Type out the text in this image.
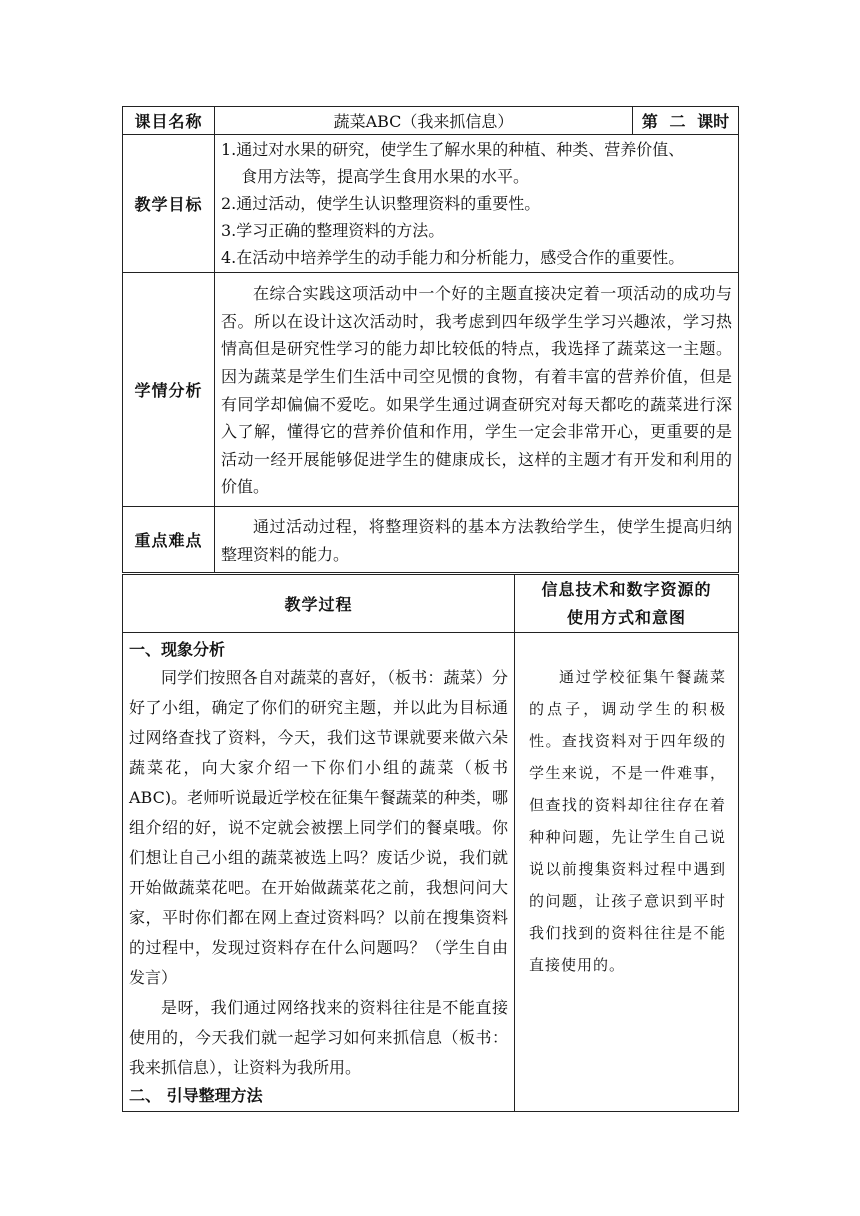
课目名称	蔬菜ABC（我来抓信息）	第 二 课时
教学目标	1.通过对水果的研究，使学生了解水果的种植、种类、营养价值、

食用方法等，提高学生食用水果的水平。

2.通过活动，使学生认识整理资料的重要性。

3.学习正确的整理资料的方法。

4.在活动中培养学生的动手能力和分析能力，感受合作的重要性。	

学情分析	在综合实践这项活动中一个好的主题直接决定着一项活动的成功与否。所以在设计这次活动时，我考虑到四年级学生学习兴趣浓，学习热情高但是研究性学习的能力却比较低的特点，我选择了蔬菜这一主题。因为蔬菜是学生们生活中司空见惯的食物，有着丰富的营养价值，但是有同学却偏偏不爱吃。如果学生通过调查研究对每天都吃的蔬菜进行深入了解，懂得它的营养价值和作用，学生一定会非常开心，更重要的是活动一经开展能够促进学生的健康成长，这样的主题才有开发和利用的价值。	

重点难点	通过活动过程，将整理资料的基本方法教给学生，使学生提高归纳整理资料的能力。	

教学过程	信息技术和数字资源的
使用方式和意图

一、现象分析

同学们按照各自对蔬菜的喜好，（板书：蔬菜）分好了小组，确定了你们的研究主题，并以此为目标通过网络查找了资料，今天，我们这节课就要来做六朵蔬菜花，向大家介绍一下你们小组的蔬菜（板书ABC)。老师听说最近学校在征集午餐蔬菜的种类，哪组介绍的好，说不定就会被摆上同学们的餐桌哦。你们想让自己小组的蔬菜被选上吗？废话少说，我们就开始做蔬菜花吧。在开始做蔬菜花之前，我想问问大家，平时你们都在网上查过资料吗？以前在搜集资料的过程中，发现过资料存在什么问题吗？（学生自由发言）

是呀，我们通过网络找来的资料往往是不能直接使用的，今天我们就一起学习如何来抓信息（板书：我来抓信息），让资料为我所用。

二、 引导整理方法	通过学校征集午餐蔬菜的点子，调动学生的积极性。查找资料对于四年级的学生来说，不是一件难事，但查找的资料却往往存在着种种问题，先让学生自己说说以前搜集资料过程中遇到的问题，让孩子意识到平时我们找到的资料往往是不能直接使用的。
